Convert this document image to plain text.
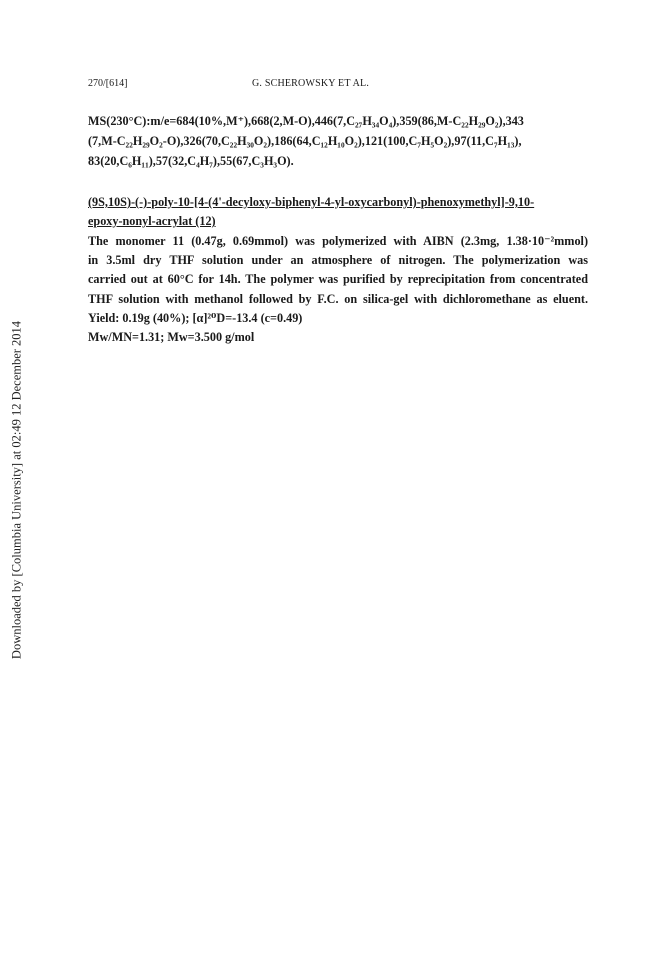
Downloaded by [Columbia University] at 02:49 12 December 2014
270/[614]	G. SCHEROWSKY ET AL.
MS(230°C):m/e=684(10%,M⁺),668(2,M-O),446(7,C₂₇H₃₄O₄),359(86,M-C₂₂H₂₉O₂),343
(7,M-C₂₂H₂₉O₂-O),326(70,C₂₂H₃₀O₂),186(64,C₁₂H₁₀O₂),121(100,C₇H₅O₂),97(11,C₇H₁₃),
83(20,C₆H₁₁),57(32,C₄H₇),55(67,C₃H₃O).
(9S,10S)-(-)-poly-10-[4-(4'-decyloxy-biphenyl-4-yl-oxycarbonyl)-phenoxymethyl]-9,10-
epoxy-nonyl-acrylat (12)
The monomer 11 (0.47g, 0.69mmol) was polymerized with AIBN (2.3mg, 1.38·10⁻²mmol)
in 3.5ml dry THF solution under an atmosphere of nitrogen. The polymerization was
carried out at 60°C for 14h. The polymer was purified by reprecipitation from concentrated
THF solution with methanol followed by F.C. on silica-gel with dichloromethane as eluent.
Yield: 0.19g (40%); [α]²⁰D=-13.4 (c=0.49)
Mw/MN=1.31; Mw=3.500 g/mol
